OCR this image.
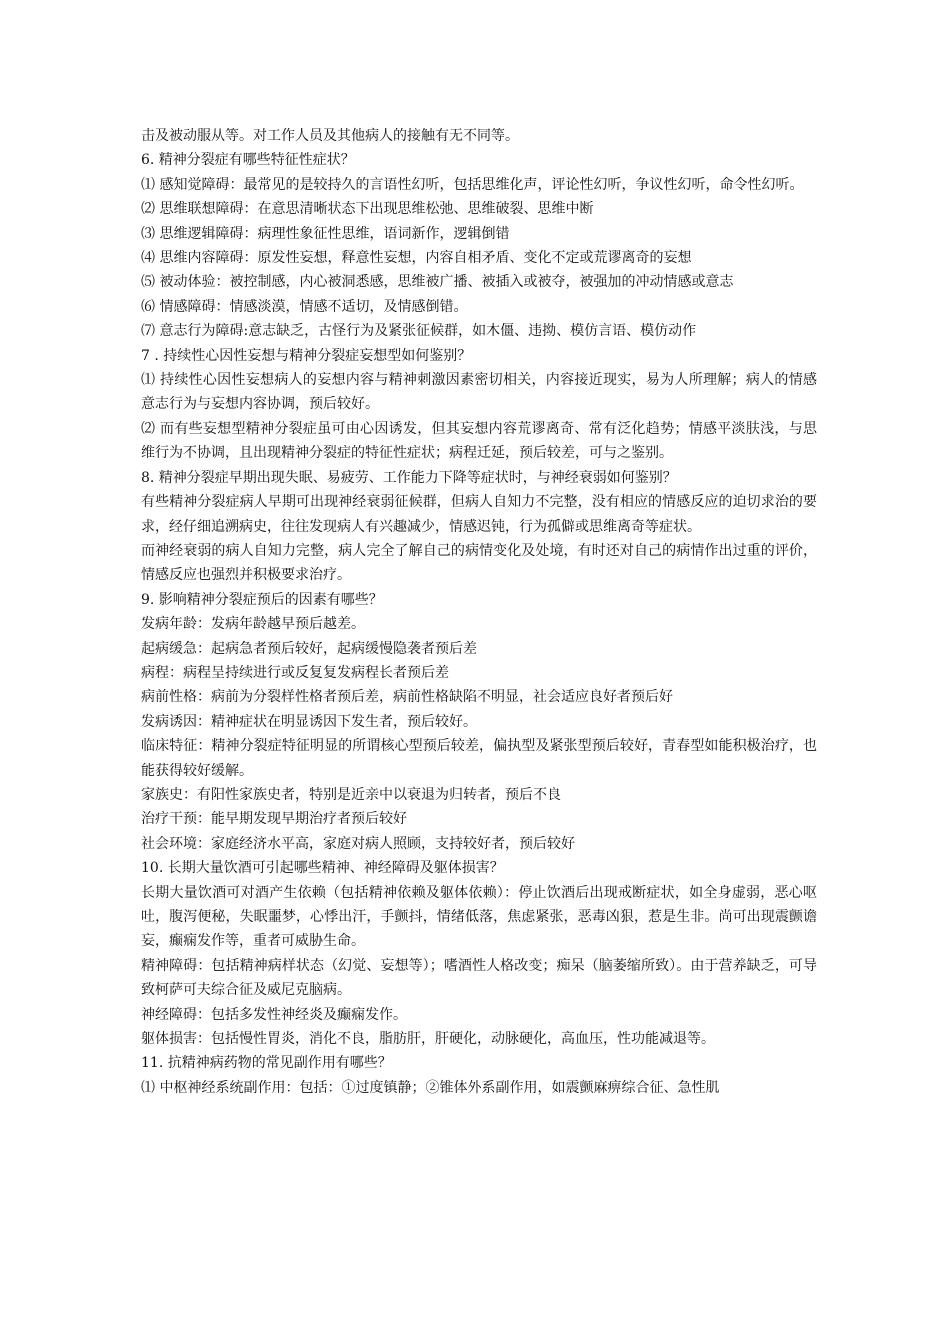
击及被动服从等。对工作人员及其他病人的接触有无不同等。

6. 精神分裂症有哪些特征性症状？

⑴ 感知觉障碍：最常见的是较持久的言语性幻听，包括思维化声，评论性幻听，争议性幻听，命令性幻听。

⑵ 思维联想障碍：在意思清晰状态下出现思维松弛、思维破裂、思维中断

⑶ 思维逻辑障碍：病理性象征性思维，语词新作，逻辑倒错

⑷ 思维内容障碍：原发性妄想，释意性妄想，内容自相矛盾、变化不定或荒谬离奇的妄想

⑸ 被动体验：被控制感，内心被洞悉感，思维被广播、被插入或被夺，被强加的冲动情感或意志

⑹ 情感障碍：情感淡漠，情感不适切，及情感倒错。

⑺ 意志行为障碍:意志缺乏，古怪行为及紧张征候群，如木僵、违拗、模仿言语、模仿动作

7 . 持续性心因性妄想与精神分裂症妄想型如何鉴别？

⑴ 持续性心因性妄想病人的妄想内容与精神刺激因素密切相关，内容接近现实，易为人所理解；病人的情感意志行为与妄想内容协调，预后较好。

⑵ 而有些妄想型精神分裂症虽可由心因诱发，但其妄想内容荒谬离奇、常有泛化趋势；情感平淡肤浅，与思维行为不协调，且出现精神分裂症的特征性症状；病程迁延，预后较差，可与之鉴别。

8. 精神分裂症早期出现失眠、易疲劳、工作能力下降等症状时，与神经衰弱如何鉴别？

有些精神分裂症病人早期可出现神经衰弱征候群，但病人自知力不完整，没有相应的情感反应的迫切求治的要求，经仔细追溯病史，往往发现病人有兴趣减少，情感迟钝，行为孤僻或思维离奇等症状。

而神经衰弱的病人自知力完整，病人完全了解自己的病情变化及处境，有时还对自己的病情作出过重的评价，情感反应也强烈并积极要求治疗。

9. 影响精神分裂症预后的因素有哪些？

发病年龄：发病年龄越早预后越差。

起病缓急：起病急者预后较好，起病缓慢隐袭者预后差

病程：病程呈持续进行或反复复发病程长者预后差

病前性格：病前为分裂样性格者预后差，病前性格缺陷不明显，社会适应良好者预后好

发病诱因：精神症状在明显诱因下发生者，预后较好。

临床特征：精神分裂症特征明显的所谓核心型预后较差，偏执型及紧张型预后较好，青春型如能积极治疗，也能获得较好缓解。

家族史：有阳性家族史者，特别是近亲中以衰退为归转者，预后不良

治疗干预：能早期发现早期治疗者预后较好

社会环境：家庭经济水平高，家庭对病人照顾，支持较好者，预后较好

10. 长期大量饮酒可引起哪些精神、神经障碍及躯体损害？

长期大量饮酒可对酒产生依赖（包括精神依赖及躯体依赖）：停止饮酒后出现戒断症状，如全身虚弱，恶心呕吐，腹泻便秘，失眠噩梦，心悸出汗，手颤抖，情绪低落，焦虑紧张，恶毒凶狠，惹是生非。尚可出现震颤谵妄，癫痫发作等，重者可威胁生命。

精神障碍：包括精神病样状态（幻觉、妄想等）；嗜酒性人格改变；痴呆（脑萎缩所致）。由于营养缺乏，可导致柯萨可夫综合征及威尼克脑病。

神经障碍：包括多发性神经炎及癫痫发作。

躯体损害：包括慢性胃炎，消化不良，脂肪肝，肝硬化，动脉硬化，高血压，性功能减退等。

11. 抗精神病药物的常见副作用有哪些？

⑴ 中枢神经系统副作用：包括：①过度镇静；②锥体外系副作用，如震颤麻痹综合征、急性肌
